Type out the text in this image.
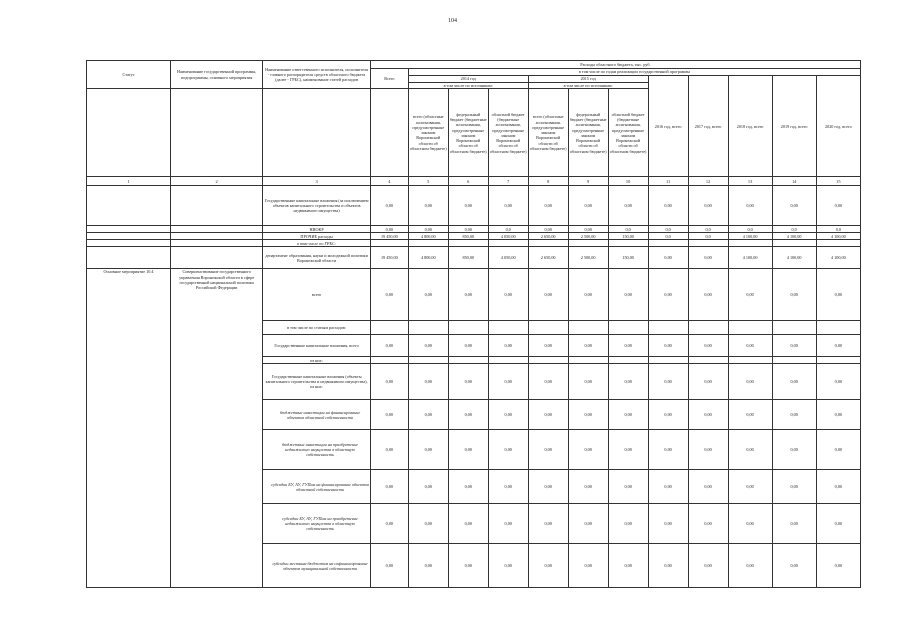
104
Статус	Наименование государственной программы, подпрограммы, основного мероприятия	Наименование ответственного исполнителя, исполнителя - главного распорядителя средств областного бюджета (далее - ГРБС), наименование статей расходов	Расходы областного бюджета, тыс. руб.											
			Всего	в том числе по годам реализации государственной программы										
				2014 год			2015 год			2016 год, всего	2017 год, всего	2018 год, всего	2019 год, всего	2020 год, всего
				в том числе по источникам:			в том числе по источникам:							
				всего (областные ассигнования, предусмотренные законом Воронежской области об областном бюджете)	федеральный бюджет (бюджетные ассигнования, предусмотренные законом Воронежской области об областном бюджете)	областной бюджет (бюджетные ассигнования, предусмотренные законом Воронежской области об областном бюджете)	всего (областные ассигнования, предусмотренные законом Воронежской области об областном бюджете)	федеральный бюджет (бюджетные ассигнования, предусмотренные законом Воронежской области об областном бюджете)	областной бюджет (бюджетные ассигнования, предусмотренные законом Воронежской области об областном бюджете)					
1	2	3	4	5	6	7	8	9	10	11	12	13	14	15
		Государственные капитальные вложения (за исключением объектов капитального строительства и объектов недвижимого имущества)	0,00	0,00	0,00	0,00	0,00	0,00	0,00	0,00	0,00	0,00	0,00	0,00
		НИОКР	0,00	0,00	0,00	0,0	0,00	0,00	0,0	0,0	0,0	0,0	0,0	0,0
		ПРОЧИЕ расходы	19 450,00	4 800,00	850,00	4 050,00	2 650,00	2 500,00	150,00	0,0	0,0	4 100,00	4 100,00	4 100,00
		в том числе по ГРБС:												
		департамент образования, науки и молодежной политики Воронежской области	19 450,00	4 800,00	850,00	4 050,00	2 650,00	2 500,00	150,00	0,00	0,00	4 100,00	4 100,00	4 100,00
Основное мероприятие 10.4	Совершенствование государственного управления Воронежской области в сфере государственной национальной политики Российской Федерации	всего	0,00	0,00	0,00	0,00	0,00	0,00	0,00	0,00	0,00	0,00	0,00	0,00
		в том числе по статьям расходов:												
		Государственные капитальные вложения, всего	0,00	0,00	0,00	0,00	0,00	0,00	0,00	0,00	0,00	0,00	0,00	0,00
		из них:												
		Государственные капитальные вложения (объекты капитального строительства и недвижимого имущества), из них:	0,00	0,00	0,00	0,00	0,00	0,00	0,00	0,00	0,00	0,00	0,00	0,00
		бюджетные инвестиции на финансирование объектов областной собственности	0,00	0,00	0,00	0,00	0,00	0,00	0,00	0,00	0,00	0,00	0,00	0,00
		бюджетные инвестиции на приобретение недвижимого имущества в областную собственность	0,00	0,00	0,00	0,00	0,00	0,00	0,00	0,00	0,00	0,00	0,00	0,00
		субсидии БУ, АУ, ГУПам на финансирование объектов областной собственности	0,00	0,00	0,00	0,00	0,00	0,00	0,00	0,00	0,00	0,00	0,00	0,00
		субсидии БУ, АУ, ГУПам на приобретение недвижимого имущества в областную собственность	0,00	0,00	0,00	0,00	0,00	0,00	0,00	0,00	0,00	0,00	0,00	0,00
		субсидии местным бюджетам на софинансирование объектов муниципальной собственности	0,00	0,00	0,00	0,00	0,00	0,00	0,00	0,00	0,00	0,00	0,00	0,00
